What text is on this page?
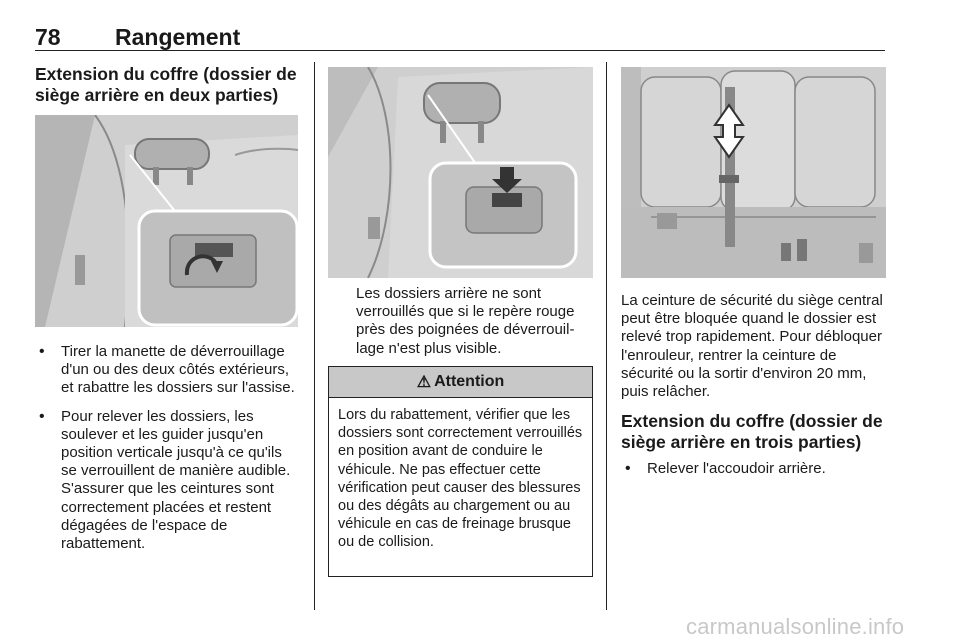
78 Rangement
Extension du coffre (dossier de
siège arrière en deux parties)
• Tirer la manette de déverrouillage d'un ou des deux côtés extérieurs, et rabattre les dossiers sur l'assise.
• Pour relever les dossiers, les soulever et les guider jusqu'en position verticale jusqu'à ce qu'ils se verrouillent de manière audible. S'assurer que les ceintures sont correctement placées et restent dégagées de l'espace de rabattement.

Les dossiers arrière ne sont verrouillés que si le repère rouge près des poignées de déverrouillage n'est plus visible.

⚠ Attention
Lors du rabattement, vérifier que les dossiers sont correctement verrouillés en position avant de conduire le véhicule. Ne pas effectuer cette vérification peut causer des blessures ou des dégâts au chargement ou au véhicule en cas de freinage brusque ou de collision.

La ceinture de sécurité du siège central peut être bloquée quand le dossier est relevé trop rapidement. Pour débloquer l'enrouleur, rentrer la ceinture de sécurité ou la sortir d'environ 20 mm, puis relâcher.

Extension du coffre (dossier de
siège arrière en trois parties)
• Relever l'accoudoir arrière.
carmanualsonline.info
